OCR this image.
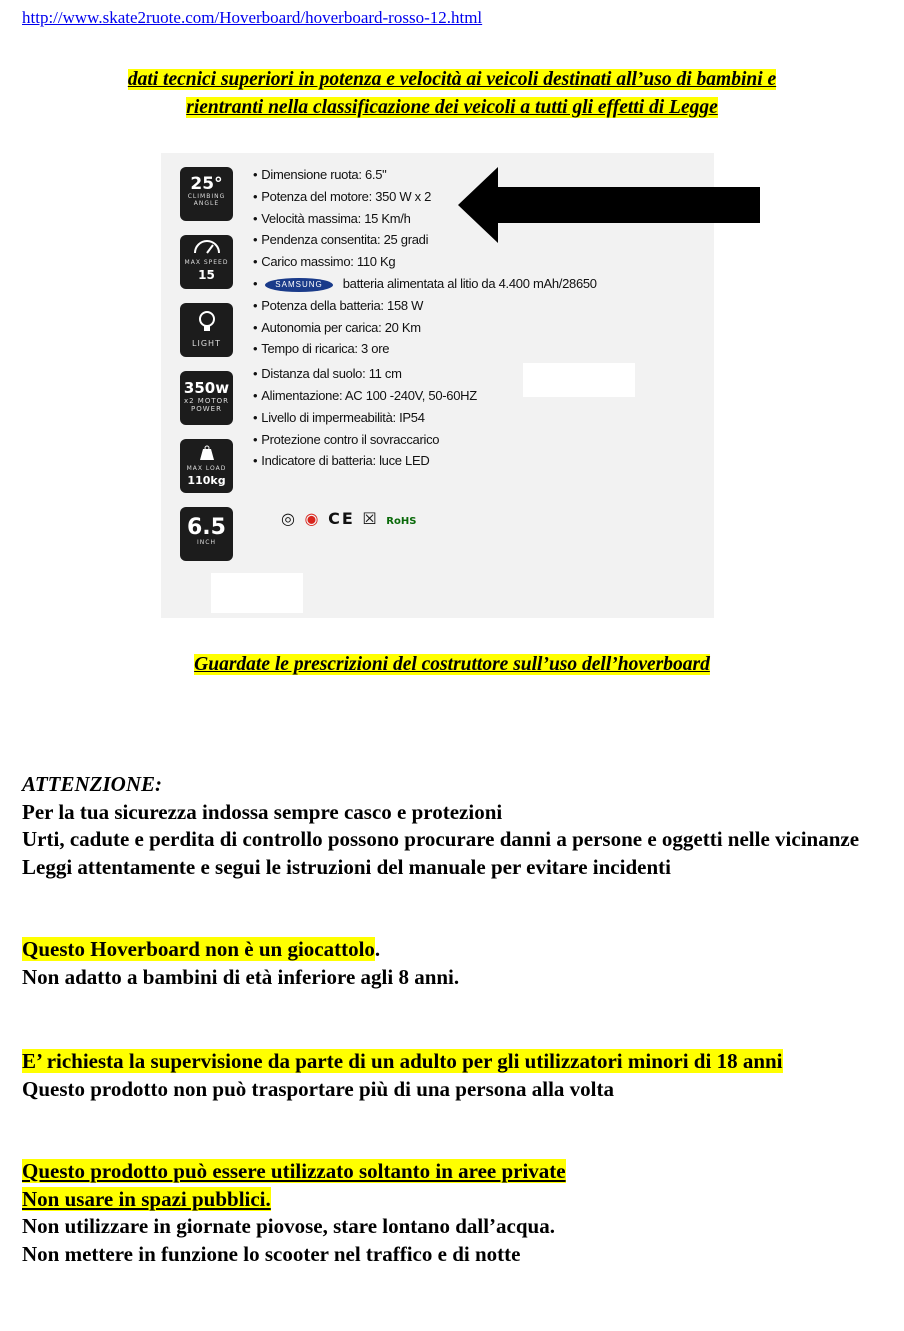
http://www.skate2ruote.com/Hoverboard/hoverboard-rosso-12.html
dati tecnici superiori in potenza e velocità ai veicoli destinati all’uso di bambini e
rientranti nella classificazione dei veicoli a tutti gli effetti di Legge
25°
CLIMBING ANGLE
MAX SPEED
15
LIGHT
350w
x2 MOTOR POWER
MAX LOAD
110kg
6.5
INCH
• Dimensione ruota: 6.5"
• Potenza del motore: 350 W x 2
• Velocità massima: 15 Km/h
• Pendenza consentita: 25 gradi
• Carico massimo: 110 Kg
• SAMSUNG batteria alimentata al litio da 4.400 mAh/28650
• Potenza della batteria: 158 W
• Autonomia per carica: 20 Km
• Tempo di ricarica: 3 ore
• Distanza dal suolo: 11 cm
• Alimentazione: AC 100 -240V, 50-60HZ
• Livello di impermeabilità: IP54
• Protezione contro il sovraccarico
• Indicatore di batteria: luce LED
◎ ◉ CE ☒ RoHS
Guardate le prescrizioni del costruttore sull’uso dell’hoverboard
ATTENZIONE:
Per la tua sicurezza indossa sempre casco e protezioni
Urti, cadute e perdita di controllo possono procurare danni a persone e oggetti nelle vicinanze
Leggi attentamente e segui le istruzioni del manuale per evitare incidenti
Questo Hoverboard non è un giocattolo.
Non adatto a bambini di età inferiore agli 8 anni.
E’ richiesta la supervisione da parte di un adulto per gli utilizzatori minori di 18 anni
Questo prodotto non può trasportare più di una persona alla volta
Questo prodotto può essere utilizzato soltanto in aree private
Non usare in spazi pubblici.
Non utilizzare in giornate piovose, stare lontano dall’acqua.
Non mettere in funzione lo scooter nel traffico e di notte
